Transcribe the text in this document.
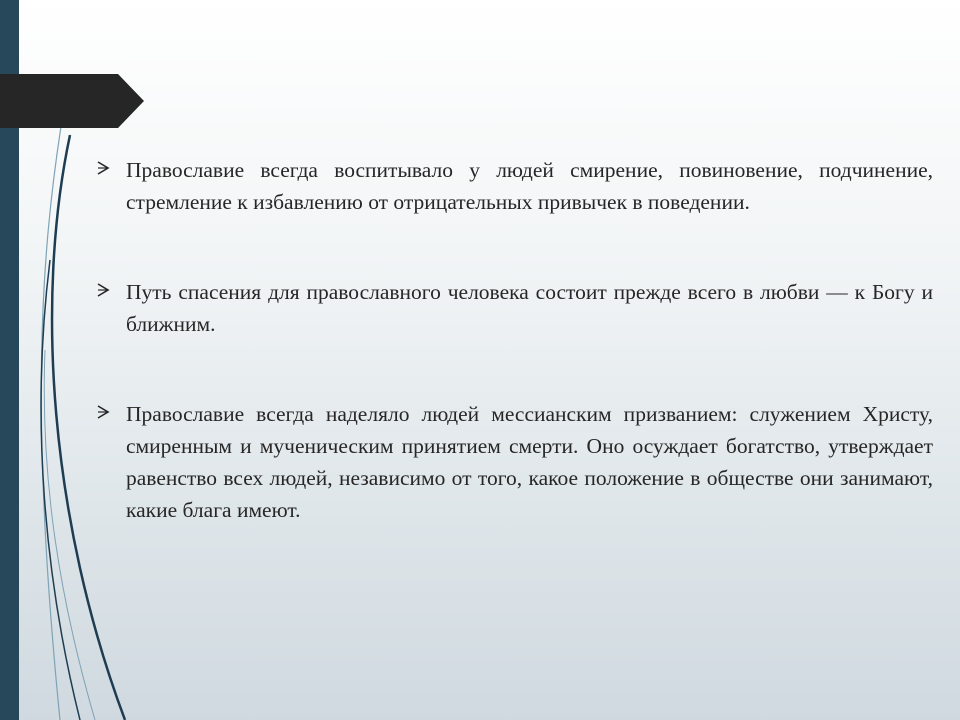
Православие всегда воспитывало у людей смирение, повиновение, подчинение, стремление к избавлению от отрицательных привычек в поведении.

Путь спасения для православного человека состоит прежде всего в любви — к Богу и ближним.

Православие всегда наделяло людей мессианским призванием: служением Христу, смиренным и мученическим принятием смерти. Оно осуждает богатство, утверждает равенство всех людей, независимо от того, какое положение в обществе они занимают, какие блага имеют.
